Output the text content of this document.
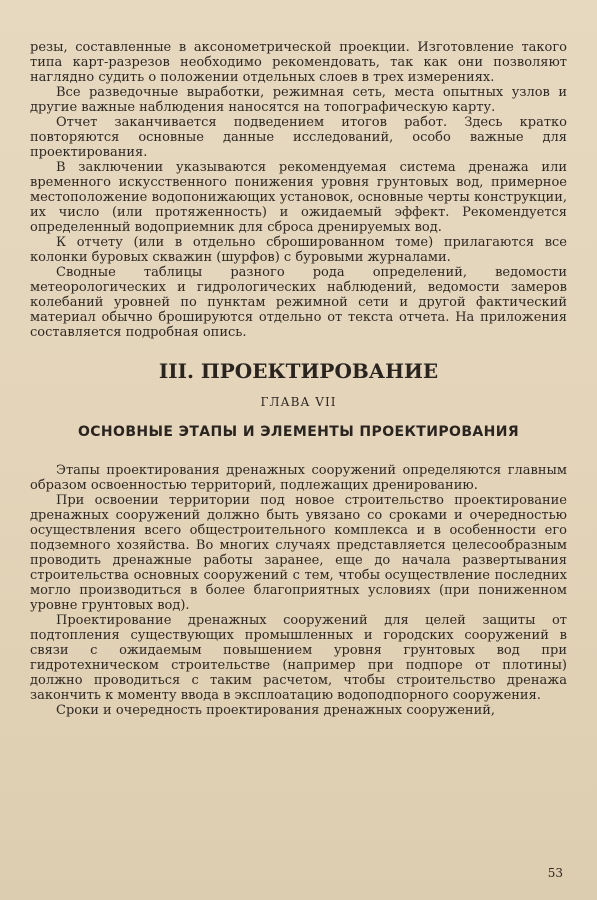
резы, составленные в аксонометрической проекции. Изготовление такого типа карт-разрезов необходимо рекомендовать, так как они позволяют наглядно судить о положении отдельных слоев в трех измерениях.

Все разведочные выработки, режимная сеть, места опытных узлов и другие важные наблюдения наносятся на топографическую карту.

Отчет заканчивается подведением итогов работ. Здесь кратко повторяются основные данные исследований, особо важные для проектирования.

В заключении указываются рекомендуемая система дренажа или временного искусственного понижения уровня грунтовых вод, примерное местоположение водопонижающих установок, основные черты конструкции, их число (или протяженность) и ожидаемый эффект. Рекомендуется определенный водоприемник для сброса дренируемых вод.

К отчету (или в отдельно сброшированном томе) прилагаются все колонки буровых скважин (шурфов) с буровыми журналами.

Сводные таблицы разного рода определений, ведомости метеорологических и гидрологических наблюдений, ведомости замеров колебаний уровней по пунктам режимной сети и другой фактический материал обычно брошируются отдельно от текста отчета. На приложения составляется подробная опись.

III. ПРОЕКТИРОВАНИЕ
ГЛАВА VII
ОСНОВНЫЕ ЭТАПЫ И ЭЛЕМЕНТЫ ПРОЕКТИРОВАНИЯ

Этапы проектирования дренажных сооружений определяются главным образом освоенностью территорий, подлежащих дренированию.

При освоении территории под новое строительство проектирование дренажных сооружений должно быть увязано со сроками и очередностью осуществления всего общестроительного комплекса и в особенности его подземного хозяйства. Во многих случаях представляется целесообразным проводить дренажные работы заранее, еще до начала развертывания строительства основных сооружений с тем, чтобы осуществление последних могло производиться в более благоприятных условиях (при пониженном уровне грунтовых вод).

Проектирование дренажных сооружений для целей защиты от подтопления существующих промышленных и городских сооружений в связи с ожидаемым повышением уровня грунтовых вод при гидротехническом строительстве (например при подпоре от плотины) должно проводиться с таким расчетом, чтобы строительство дренажа закончить к моменту ввода в эксплоатацию водоподпорного сооружения.

Сроки и очередность проектирования дренажных сооружений,

53
